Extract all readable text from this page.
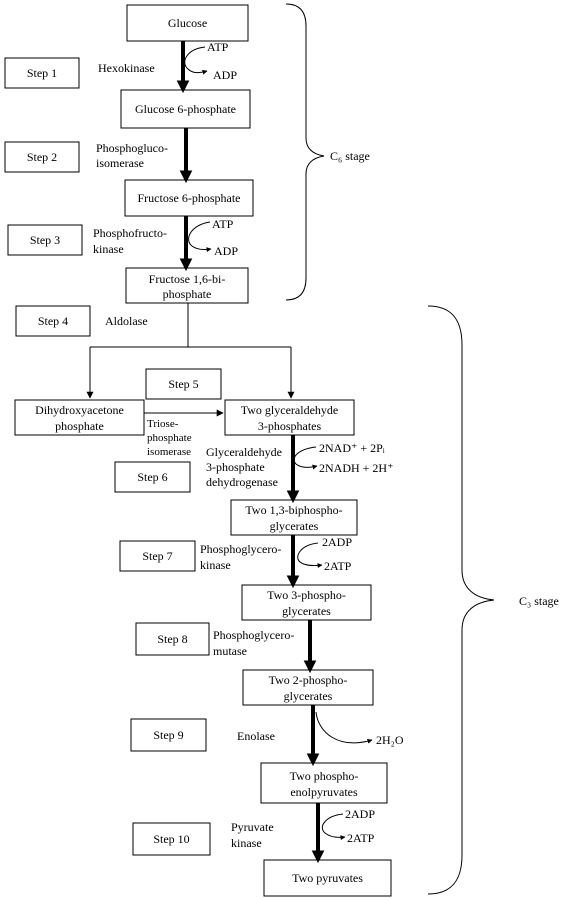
Glucose
Glucose 6-phosphate
Fructose 6-phosphate
Fructose 1,6-bi-
phosphate
Dihydroxyacetone
phosphate
Two glyceraldehyde
3-phosphates
Two 1,3-biphospho-
glycerates
Two 3-phospho-
glycerates
Two 2-phospho-
glycerates
Two phospho-
enolpyruvates
Two pyruvates
Step 1
Step 2
Step 3
Step 4
Step 5
Step 6
Step 7
Step 8
Step 9
Step 10
ATP
ADP
ATP
ADP
2NAD⁺ + 2Pᵢ
2NADH + 2H⁺
2ADP
2ATP
2H₂O
2ADP
2ATP
Hexokinase
Phosphogluco-
isomerase
Phosphofructo-
kinase
Aldolase
Triose-
phosphate
isomerase Glyceraldehyde
3-phosphate
dehydrogenase
Phosphoglycero-
kinase
Phosphoglycero-
mutase
Enolase
Pyruvate
kinase
C₆ stage
C₃ stage
